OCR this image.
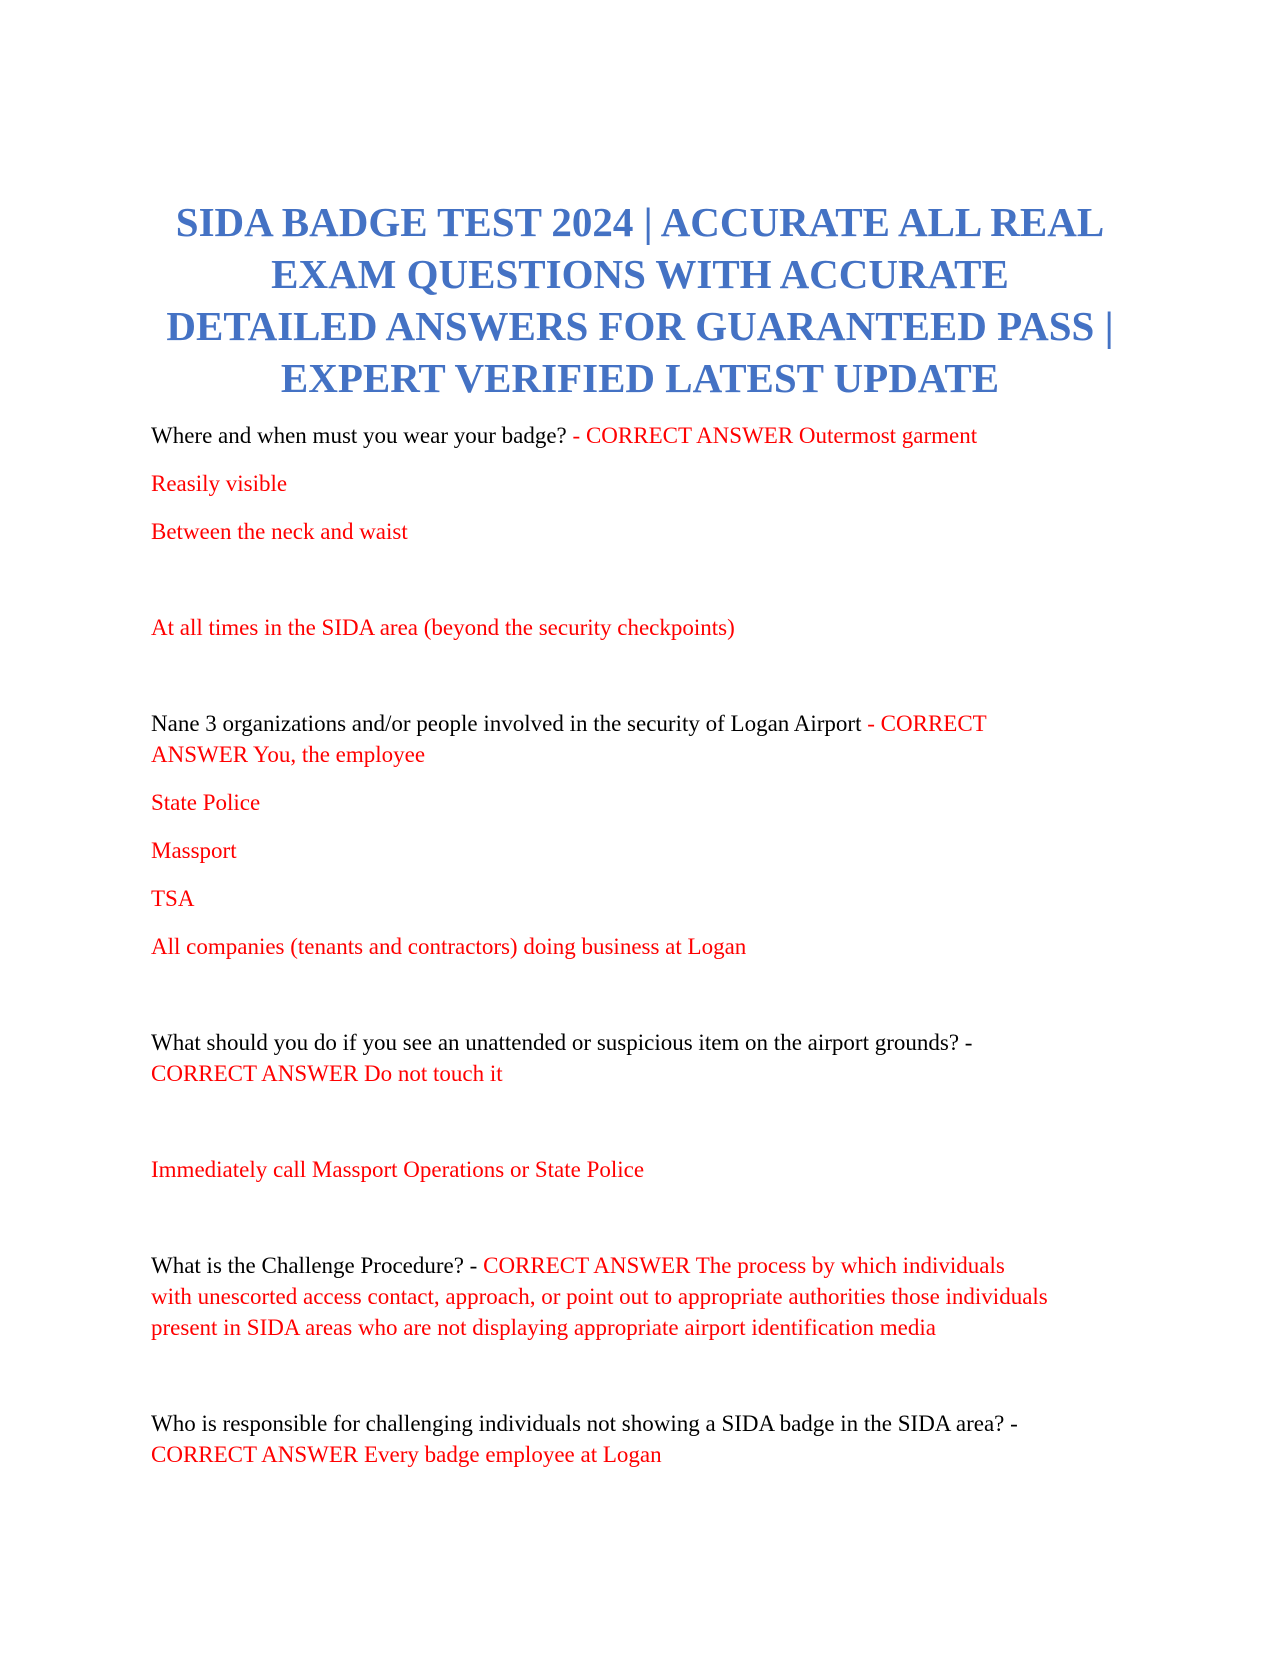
SIDA BADGE TEST 2024 | ACCURATE ALL REAL
EXAM QUESTIONS WITH ACCURATE
DETAILED ANSWERS FOR GUARANTEED PASS |
EXPERT VERIFIED LATEST UPDATE

Where and when must you wear your badge? - CORRECT ANSWER Outermost garment

Reasily visible

Between the neck and waist

At all times in the SIDA area (beyond the security checkpoints)

Nane 3 organizations and/or people involved in the security of Logan Airport - CORRECT

ANSWER You, the employee

State Police

Massport

TSA

All companies (tenants and contractors) doing business at Logan

What should you do if you see an unattended or suspicious item on the airport grounds? -

CORRECT ANSWER Do not touch it

Immediately call Massport Operations or State Police

What is the Challenge Procedure? - CORRECT ANSWER The process by which individuals

with unescorted access contact, approach, or point out to appropriate authorities those individuals

present in SIDA areas who are not displaying appropriate airport identification media

Who is responsible for challenging individuals not showing a SIDA badge in the SIDA area? -

CORRECT ANSWER Every badge employee at Logan
